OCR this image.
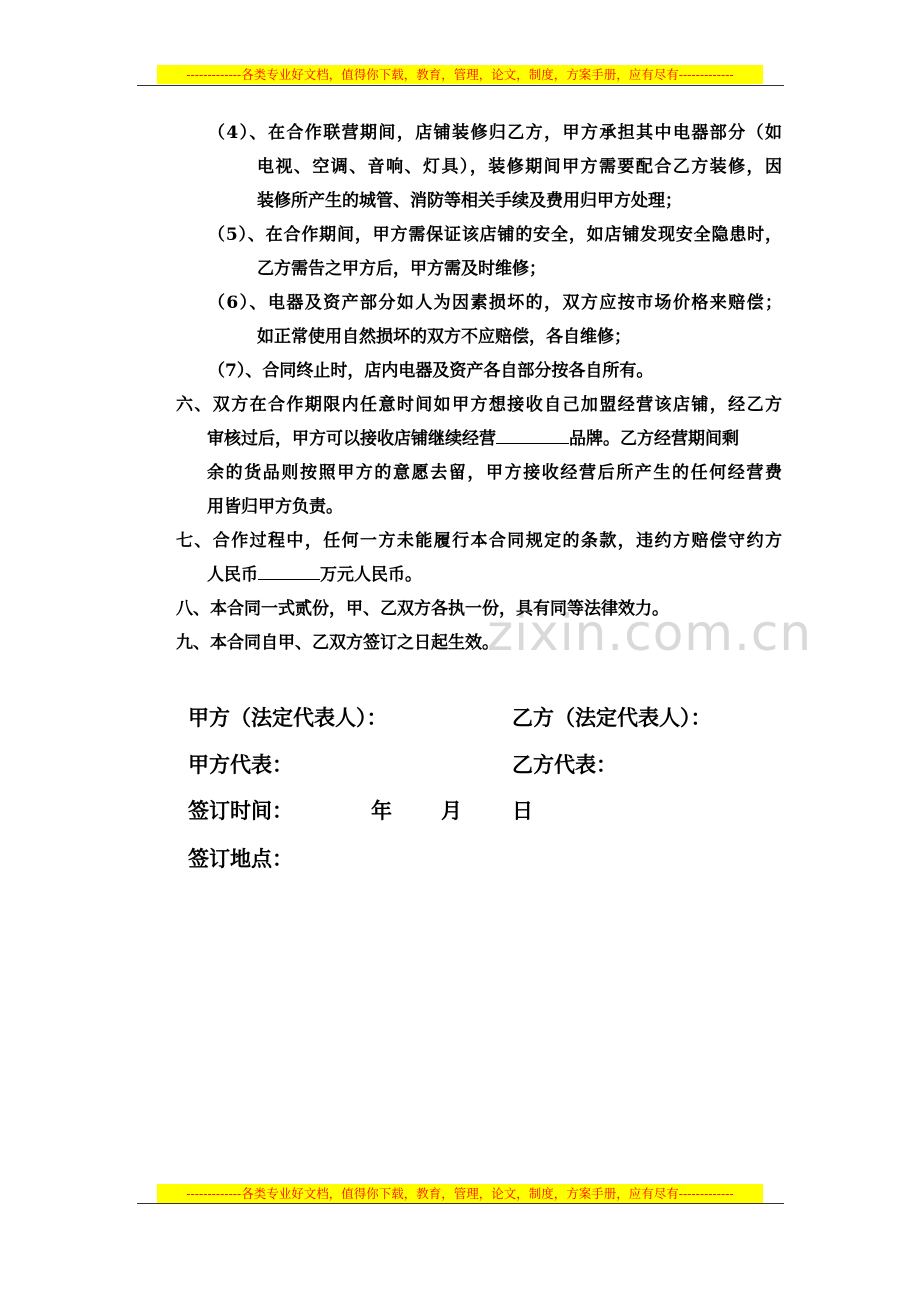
-------------各类专业好文档，值得你下载，教育，管理，论文，制度，方案手册，应有尽有-------------
zixin.com.cn
（4）、在合作联营期间，店铺装修归乙方，甲方承担其中电器部分（如
电视、空调、音响、灯具），装修期间甲方需要配合乙方装修，因
装修所产生的城管、消防等相关手续及费用归甲方处理；
（5）、在合作期间，甲方需保证该店铺的安全，如店铺发现安全隐患时，
乙方需告之甲方后，甲方需及时维修；
（6）、电器及资产部分如人为因素损坏的，双方应按市场价格来赔偿；
如正常使用自然损坏的双方不应赔偿，各自维修；
（7）、合同终止时，店内电器及资产各自部分按各自所有。
六、双方在合作期限内任意时间如甲方想接收自己加盟经营该店铺，经乙方
审核过后，甲方可以接收店铺继续经营	品牌。乙方经营期间剩
余的货品则按照甲方的意愿去留，甲方接收经营后所产生的任何经营费
用皆归甲方负责。
七、合作过程中，任何一方未能履行本合同规定的条款，违约方赔偿守约方
人民币	万元人民币。
八、本合同一式贰份，甲、乙双方各执一份，具有同等法律效力。
九、本合同自甲、乙双方签订之日起生效。
甲方（法定代表人）：	乙方（法定代表人）：
甲方代表：	乙方代表：
签订时间：	年 月 日
签订地点：
-------------各类专业好文档，值得你下载，教育，管理，论文，制度，方案手册，应有尽有-------------
